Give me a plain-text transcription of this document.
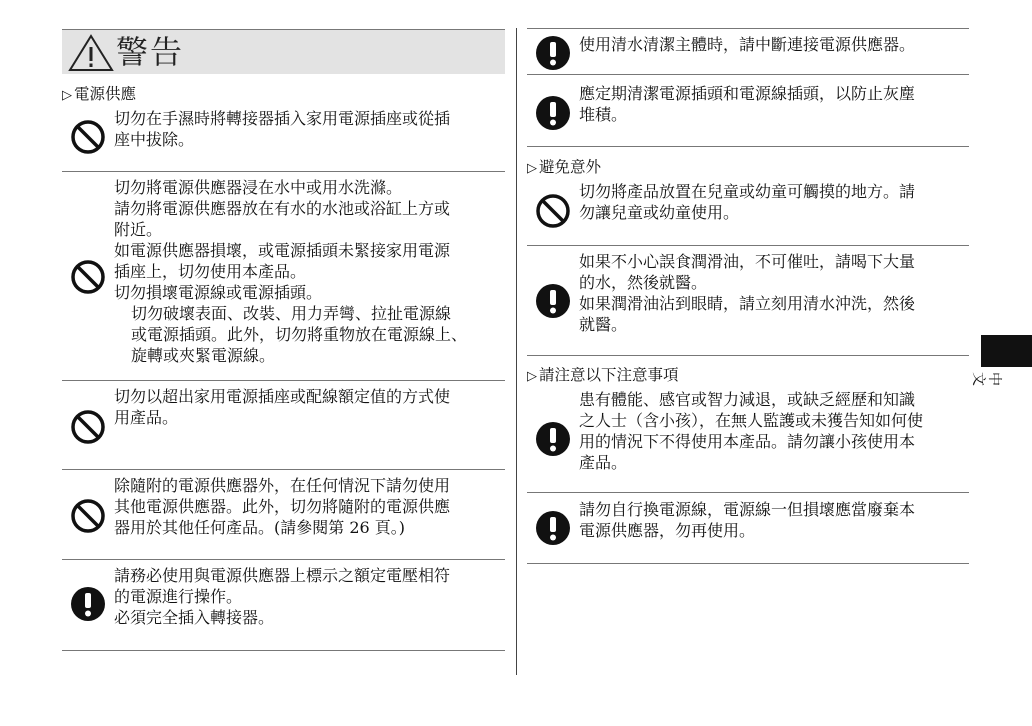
警告
▷ 電源供應
切勿在手濕時將轉接器插入家用電源插座或從插
座中拔除。
切勿將電源供應器浸在水中或用水洗滌。
請勿將電源供應器放在有水的水池或浴缸上方或
附近。
如電源供應器損壞，或電源插頭未緊接家用電源
插座上，切勿使用本產品。
切勿損壞電源線或電源插頭。
切勿破壞表面、改裝、用力弄彎、拉扯電源線
或電源插頭。此外，切勿將重物放在電源線上、
旋轉或夾緊電源線。
切勿以超出家用電源插座或配線額定值的方式使
用產品。
除隨附的電源供應器外，在任何情況下請勿使用
其他電源供應器。此外，切勿將隨附的電源供應
器用於其他任何產品。(請參閱第 26 頁。)
請務必使用與電源供應器上標示之額定電壓相符
的電源進行操作。
必須完全插入轉接器。
使用清水清潔主體時，請中斷連接電源供應器。
應定期清潔電源插頭和電源線插頭，以防止灰塵
堆積。
▷ 避免意外
切勿將產品放置在兒童或幼童可觸摸的地方。請
勿讓兒童或幼童使用。
如果不小心誤食潤滑油，不可催吐，請喝下大量
的水，然後就醫。
如果潤滑油沾到眼睛，請立刻用清水沖洗，然後
就醫。
▷ 請注意以下注意事項
患有體能、感官或智力減退，或缺乏經歷和知識
之人士（含小孩），在無人監護或未獲告知如何使
用的情況下不得使用本產品。請勿讓小孩使用本
產品。
請勿自行換電源線，電源線一但損壞應當廢棄本
電源供應器，勿再使用。
中文
